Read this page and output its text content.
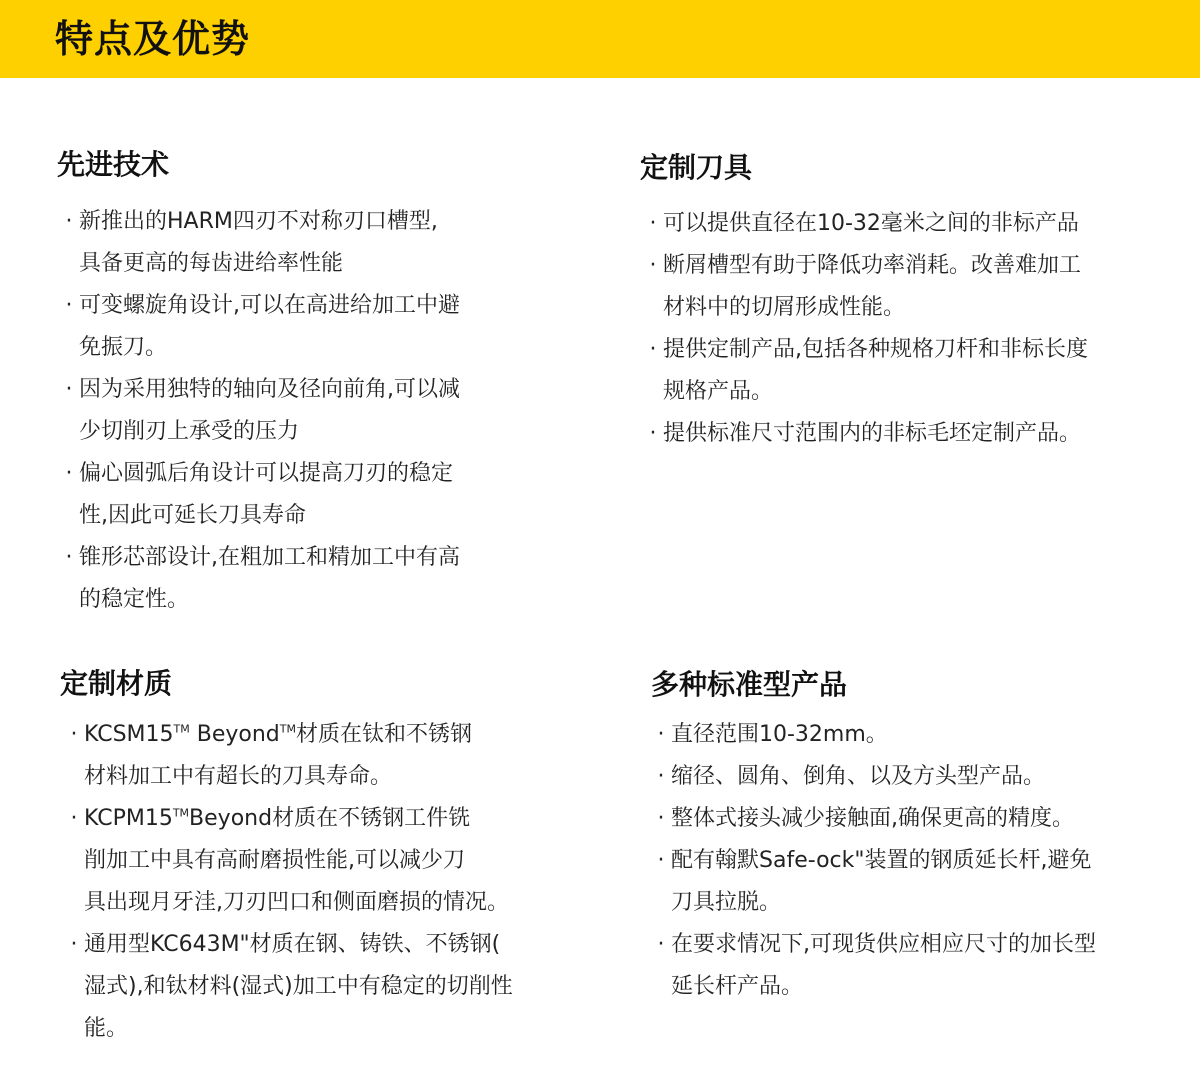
特点及优势
先进技术
· 新推出的HARM四刃不对称刃口槽型,
具备更高的每齿进给率性能
· 可变螺旋角设计,可以在高进给加工中避
免振刀。
· 因为采用独特的轴向及径向前角,可以减
少切削刃上承受的压力
· 偏心圆弧后角设计可以提高刀刃的稳定
性,因此可延长刀具寿命
· 锥形芯部设计,在粗加工和精加工中有高
的稳定性。
定制刀具
· 可以提供直径在10-32毫米之间的非标产品
· 断屑槽型有助于降低功率消耗。改善难加工
材料中的切屑形成性能。
· 提供定制产品,包括各种规格刀杆和非标长度
规格产品。
· 提供标准尺寸范围内的非标毛坯定制产品。
定制材质
· KCSM15™ Beyond™材质在钛和不锈钢
材料加工中有超长的刀具寿命。
· KCPM15™Beyond材质在不锈钢工件铣
削加工中具有高耐磨损性能,可以减少刀
具出现月牙洼,刀刃凹口和侧面磨损的情况。
· 通用型KC643M"材质在钢、铸铁、不锈钢(
湿式),和钛材料(湿式)加工中有稳定的切削性
能。
多种标准型产品
· 直径范围10-32mm。
· 缩径、圆角、倒角、以及方头型产品。
· 整体式接头减少接触面,确保更高的精度。
· 配有翰默Safe-ock"装置的钢质延长杆,避免
刀具拉脱。
· 在要求情况下,可现货供应相应尺寸的加长型
延长杆产品。
